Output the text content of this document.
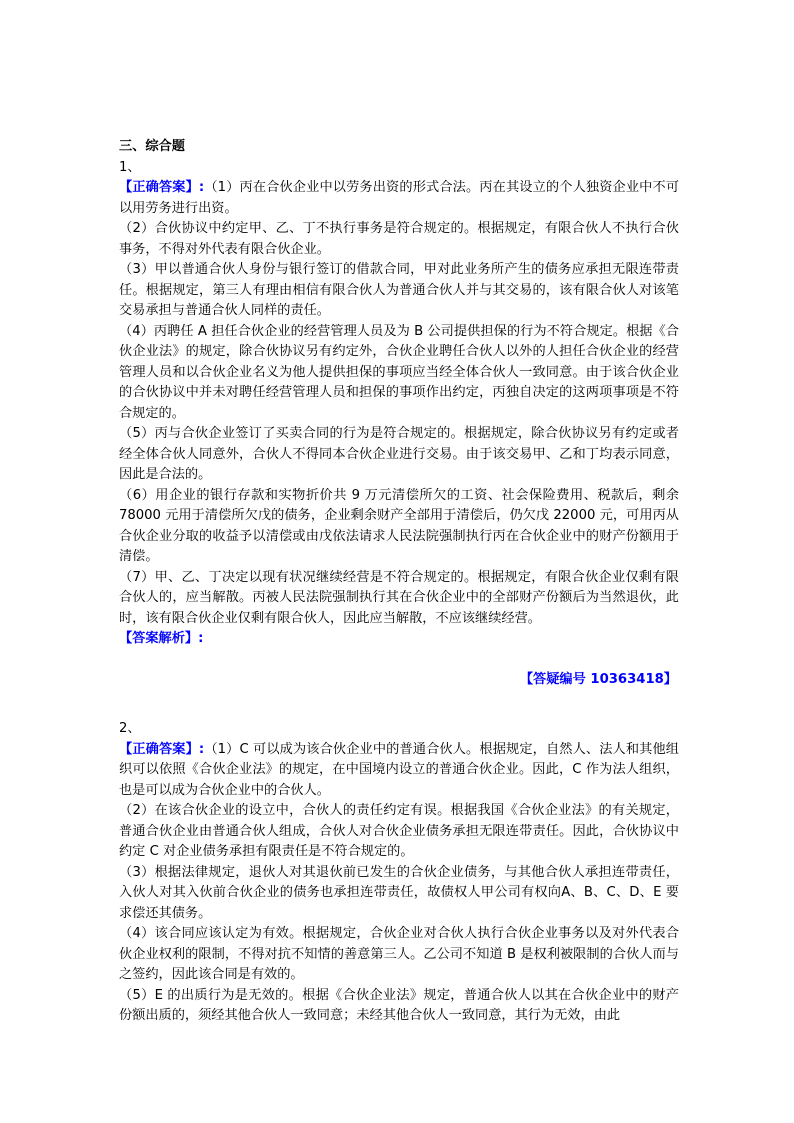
三、综合题

1、

【正确答案】:（1）丙在合伙企业中以劳务出资的形式合法。丙在其设立的个人独资企业中不可以用劳务进行出资。

（2）合伙协议中约定甲、乙、丁不执行事务是符合规定的。根据规定，有限合伙人不执行合伙事务，不得对外代表有限合伙企业。

（3）甲以普通合伙人身份与银行签订的借款合同，甲对此业务所产生的债务应承担无限连带责任。根据规定，第三人有理由相信有限合伙人为普通合伙人并与其交易的，该有限合伙人对该笔交易承担与普通合伙人同样的责任。

（4）丙聘任 A 担任合伙企业的经营管理人员及为 B 公司提供担保的行为不符合规定。根据《合伙企业法》的规定，除合伙协议另有约定外，合伙企业聘任合伙人以外的人担任合伙企业的经营管理人员和以合伙企业名义为他人提供担保的事项应当经全体合伙人一致同意。由于该合伙企业的合伙协议中并未对聘任经营管理人员和担保的事项作出约定，丙独自决定的这两项事项是不符合规定的。

（5）丙与合伙企业签订了买卖合同的行为是符合规定的。根据规定，除合伙协议另有约定或者经全体合伙人同意外，合伙人不得同本合伙企业进行交易。由于该交易甲、乙和丁均表示同意，因此是合法的。

（6）用企业的银行存款和实物折价共 9 万元清偿所欠的工资、社会保险费用、税款后，剩余 78000 元用于清偿所欠戊的债务，企业剩余财产全部用于清偿后，仍欠戊 22000 元，可用丙从合伙企业分取的收益予以清偿或由戊依法请求人民法院强制执行丙在合伙企业中的财产份额用于清偿。

（7）甲、乙、丁决定以现有状况继续经营是不符合规定的。根据规定，有限合伙企业仅剩有限合伙人的，应当解散。丙被人民法院强制执行其在合伙企业中的全部财产份额后为当然退伙，此时，该有限合伙企业仅剩有限合伙人，因此应当解散，不应该继续经营。

【答案解析】:

【答疑编号 10363418】

2、

【正确答案】:（1）C 可以成为该合伙企业中的普通合伙人。根据规定，自然人、法人和其他组织可以依照《合伙企业法》的规定，在中国境内设立的普通合伙企业。因此，C 作为法人组织，也是可以成为合伙企业中的合伙人。

（2）在该合伙企业的设立中，合伙人的责任约定有误。根据我国《合伙企业法》的有关规定，普通合伙企业由普通合伙人组成，合伙人对合伙企业债务承担无限连带责任。因此，合伙协议中约定 C 对企业债务承担有限责任是不符合规定的。

（3）根据法律规定，退伙人对其退伙前已发生的合伙企业债务，与其他合伙人承担连带责任，入伙人对其入伙前合伙企业的债务也承担连带责任，故债权人甲公司有权向A、B、C、D、E 要求偿还其债务。

（4）该合同应该认定为有效。根据规定，合伙企业对合伙人执行合伙企业事务以及对外代表合伙企业权利的限制，不得对抗不知情的善意第三人。乙公司不知道 B 是权利被限制的合伙人而与之签约，因此该合同是有效的。

（5）E 的出质行为是无效的。根据《合伙企业法》规定，普通合伙人以其在合伙企业中的财产份额出质的，须经其他合伙人一致同意；未经其他合伙人一致同意，其行为无效，由此
